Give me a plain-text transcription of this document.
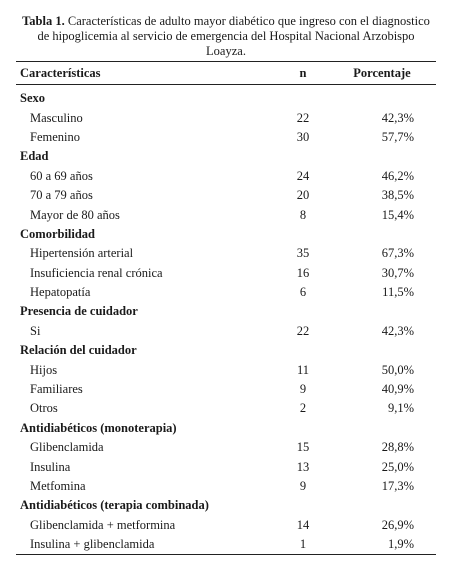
Tabla 1. Características de adulto mayor diabético que ingreso con el diagnostico de hipoglicemia al servicio de emergencia del Hospital Nacional Arzobispo Loayza.
Características	n	Porcentaje
Sexo		
Masculino	22	42,3%
Femenino	30	57,7%
Edad		
60 a 69 años	24	46,2%
70 a 79 años	20	38,5%
Mayor de 80 años	8	15,4%
Comorbilidad		
Hipertensión arterial	35	67,3%
Insuficiencia renal crónica	16	30,7%
Hepatopatía	6	11,5%
Presencia de cuidador		
Si	22	42,3%
Relación del cuidador		
Hijos	11	50,0%
Familiares	9	40,9%
Otros	2	9,1%
Antidiabéticos (monoterapia)		
Glibenclamida	15	28,8%
Insulina	13	25,0%
Metfomina	9	17,3%
Antidiabéticos (terapia combinada)		
Glibenclamida + metformina	14	26,9%
Insulina + glibenclamida	1	1,9%
